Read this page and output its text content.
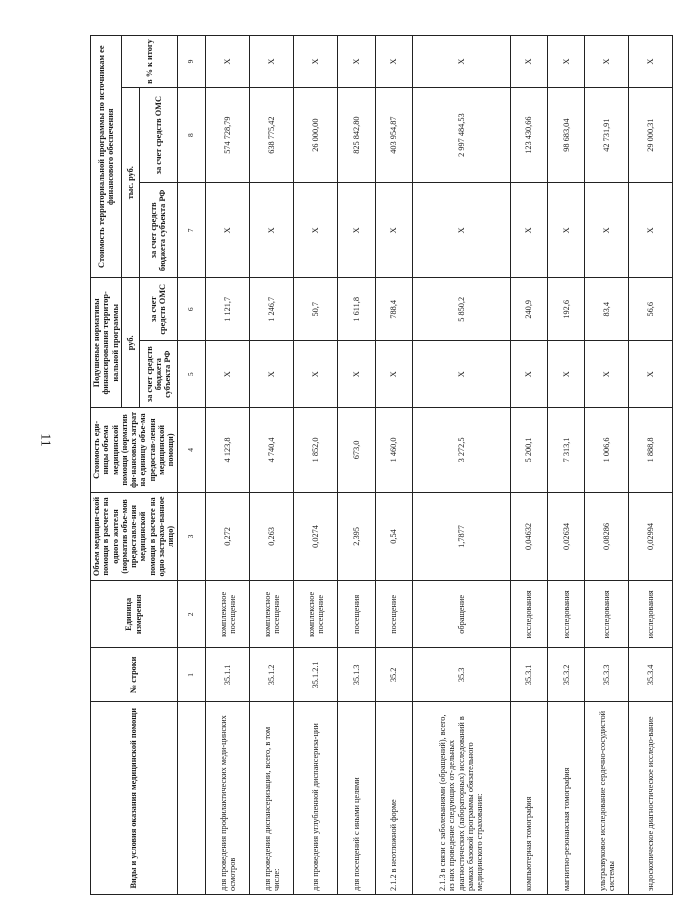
11
Виды и условия оказания медицинской помощи	№ строки	Единица измерения	Объем медицин-ской помощи в расчете на одного жителя (норматив объе-мов предоставле-ния медицинской помощи в расчете на одно застрахо-ванное лицо)	Стоимость еди-ницы объема медицинской помощи (норматив фи-нансовых затрат на единицу объе-ма предостав-ления медицинской помощи)	Подушевые нормативы финансирования территор-иальной программы		Стоимость территориальной программы по источникам ее финансового обеспечения		
					руб.		тыс. руб.		в % к итогу
					за счет средств бюджета субъекта РФ	за счет средств ОМС	за счет средств бюджета субъекта РФ	за счет средств ОМС	

	1	2	3	4	5	6	7	8	9
для проведения профилактических меди-цинских осмотров	35.1.1	комплексное посещение	0,272	4 123,8	X	1 121,7	X	574 728,79	X
для проведения диспансеризации, всего, в том числе:	35.1.2	комплексное посещение	0,263	4 740,4	X	1 246,7	X	638 775,42	X
для проведения углубленной диспансериза-ции	35.1.2.1	комплексное посещение	0,0274	1 852,0	X	50,7	X	26 000,00	X
для посещений с иными целями	35.1.3	посещения	2,395	673,0	X	1 611,8	X	825 842,80	X
2.1.2 в неотложной форме	35.2	посещение	0,54	1 460,0	X	788,4	X	403 954,87	X
2.1.3 в связи с заболеваниями (обращений), всего, из них проведение следующих от-дельных диагностических (лабораторных) исследований в рамках базовой программы обязательного медицинского страхования:	35.3	обращение	1,7877	3 272,5	X	5 850,2	X	2 997 484,53	X
компьютерная томография	35.3.1	исследования	0,04632	5 200,1	X	240,9	X	123 430,66	X
магнитно-резонансная томография	35.3.2	исследования	0,02634	7 313,1	X	192,6	X	98 683,04	X
ультразвуковое исследование сердечно-сосудистой системы	35.3.3	исследования	0,08286	1 006,6	X	83,4	X	42 731,91	X
эндоскопическое диагностическое исследо-вание	35.3.4	исследования	0,02994	1 888,8	X	56,6	X	29 000,31	X
